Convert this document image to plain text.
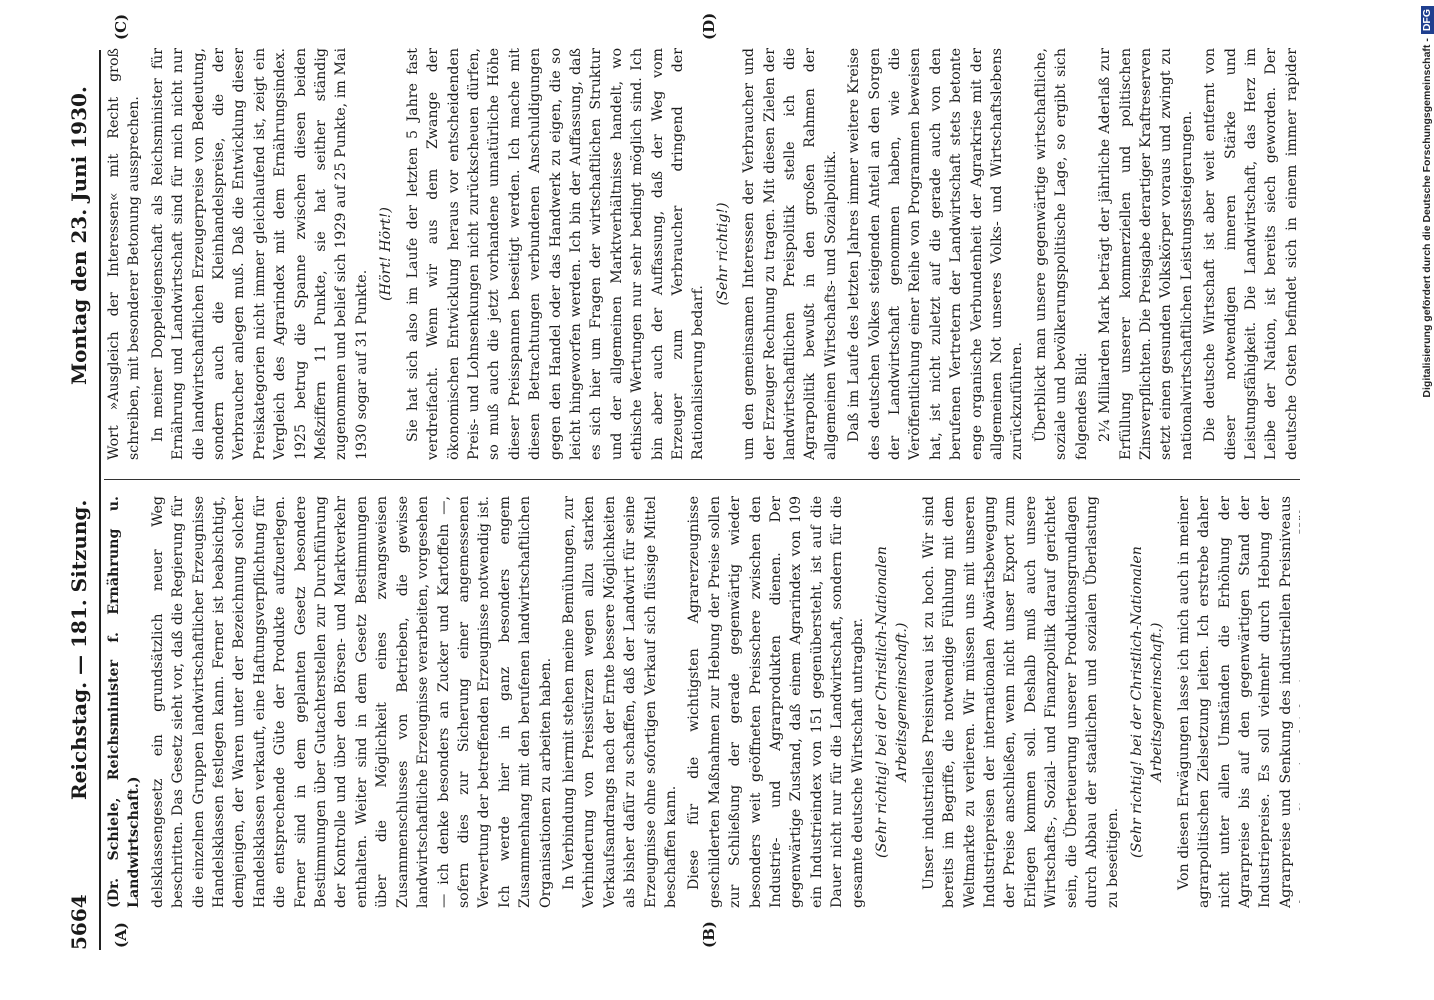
5664
Reichstag. — 181. Sitzung.
Montag den 23. Juni 1930.
(A)	(B)
(C)	(D)

(Dr. Schiele, Reichsminister f. Ernährung u. Landwirtschaft.) delsklassengesetz ein grundsätzlich neuer Weg beschritten. Das Gesetz sieht vor, daß die Regierung für die einzelnen Gruppen landwirtschaftlicher Erzeugnisse Handelsklassen festlegen kann. Ferner ist beabsichtigt, demjenigen, der Waren unter der Bezeichnung solcher Handelsklassen verkauft, eine Haftungsverpflichtung für die entsprechende Güte der Produkte aufzuerlegen. Ferner sind in dem geplanten Gesetz besondere Bestimmungen über Gutachterstellen zur Durchführung der Kontrolle und über den Börsen- und Marktverkehr enthalten. Weiter sind in dem Gesetz Bestimmungen über die Möglichkeit eines zwangsweisen Zusammenschlusses von Betrieben, die gewisse landwirtschaftliche Erzeugnisse verarbeiten, vorgesehen — ich denke besonders an Zucker und Kartoffeln —, sofern dies zur Sicherung einer angemessenen Verwertung der betreffenden Erzeugnisse notwendig ist. Ich werde hier in ganz besonders engem Zusammenhang mit den berufenen landwirtschaftlichen Organisationen zu arbeiten haben. In Verbindung hiermit stehen meine Bemühungen, zur Verhinderung von Preisstürzen wegen allzu starken Verkaufsandrangs nach der Ernte bessere Möglichkeiten als bisher dafür zu schaffen, daß der Landwirt für seine Erzeugnisse ohne sofortigen Verkauf sich flüssige Mittel beschaffen kann. Diese für die wichtigsten Agrarerzeugnisse geschilderten Maßnahmen zur Hebung der Preise sollen zur Schließung der gerade gegenwärtig wieder besonders weit geöffneten Preisschere zwischen den Industrie- und Agrarprodukten dienen. Der gegenwärtige Zustand, daß einem Agrarindex von 109 ein Industrieindex von 151 gegenübersteht, ist auf die Dauer nicht nur für die Landwirtschaft, sondern für die gesamte deutsche Wirtschaft untragbar. (Sehr richtig! bei der Christlich-Nationalen Arbeitsgemeinschaft.) Unser industrielles Preisniveau ist zu hoch. Wir sind bereits im Begriffe, die notwendige Fühlung mit dem Weltmarkte zu verlieren. Wir müssen uns mit unseren Industriepreisen der internationalen Abwärtsbewegung der Preise anschließen, wenn nicht unser Export zum Erliegen kommen soll. Deshalb muß auch unsere Wirtschafts-, Sozial- und Finanzpolitik darauf gerichtet sein, die Überteuerung unserer Produktionsgrundlagen durch Abbau der staatlichen und sozialen Überlastung zu beseitigen. (Sehr richtig! bei der Christlich-Nationalen Arbeitsgemeinschaft.)

Von diesen Erwägungen lasse ich mich auch in meiner agrarpolitischen Zielsetzung leiten. Ich erstrebe daher nicht unter allen Umständen die Erhöhung der Agrarpreise bis auf den gegenwärtigen Stand der Industriepreise. Es soll vielmehr durch Hebung der Agrarpreise und Senkung des industriellen Preisniveaus

Wort »Ausgleich der Interessen« mit Recht groß schreiben, mit besonderer Betonung aussprechen. In meiner Doppeleigenschaft als Reichsminister für Ernährung und Landwirtschaft sind für mich nicht nur die landwirtschaftlichen Erzeugerpreise von Bedeutung, sondern auch die Kleinhandelspreise, die der Verbraucher anlegen muß. Daß die Entwicklung dieser Preiskategorien nicht immer gleichlaufend ist, zeigt ein Vergleich des Agrarindex mit dem Ernährungsindex. 1925 betrug die Spanne zwischen diesen beiden Meßziffern 11 Punkte, sie hat seither ständig zugenommen und belief sich 1929 auf 25 Punkte, im Mai 1930 sogar auf 31 Punkte.

(Hört! Hört!) Sie hat sich also im Laufe der letzten 5 Jahre fast verdreifacht. Wenn wir aus dem Zwange der ökonomischen Entwicklung heraus vor entscheidenden Preis- und Lohnsenkungen nicht zurückscheuen dürfen, so muß auch die jetzt vorhandene unnatürliche Höhe dieser Preisspannen beseitigt werden. Ich mache mit diesen Betrachtungen verbundenen Anschuldigungen gegen den Handel oder das Handwerk zu eigen, die so leicht hingeworfen werden. Ich bin der Auffassung, daß es sich hier um Fragen der wirtschaftlichen Struktur und der allgemeinen Marktverhältnisse handelt, wo ethische Wertungen nur sehr bedingt möglich sind. Ich bin aber auch der Auffassung, daß der Weg vom Erzeuger zum Verbraucher dringend der Rationalisierung bedarf.

(Sehr richtig!) um den gemeinsamen Interessen der Verbraucher und der Erzeuger Rechnung zu tragen. Mit diesen Zielen der landwirtschaftlichen Preispolitik stelle ich die Agrarpolitik bewußt in den großen Rahmen der allgemeinen Wirtschafts- und Sozialpolitik. Daß im Laufe des letzten Jahres immer weitere Kreise des deutschen Volkes steigenden Anteil an den Sorgen der Landwirtschaft genommen haben, wie die Veröffentlichung einer Reihe von Programmen beweisen hat, ist nicht zuletzt auf die gerade auch von den berufenen Vertretern der Landwirtschaft stets betonte enge organische Verbundenheit der Agrarkrise mit der allgemeinen Not unseres Volks- und Wirtschaftslebens zurückzuführen. Überblickt man unsere gegenwärtige wirtschaftliche, soziale und bevölkerungspolitische Lage, so ergibt sich folgendes Bild: 2¼ Milliarden Mark beträgt der jährliche Aderlaß zur Erfüllung unserer kommerziellen und politischen Zinsverpflichten. Die Preisgabe derartiger Kraftreserven setzt einen gesunden Volkskörper voraus und zwingt zu nationalwirtschaftlichen Leistungssteigerungen. Die deutsche Wirtschaft ist aber weit entfernt von dieser notwendigen inneren Stärke und Leistungsfähigkeit. Die Landwirtschaft, das Herz im Leibe der Nation, ist bereits siech geworden. Der deutsche Osten befindet sich in einem immer rapider	Digitalisierung gefördert durch die Deutsche Forschungsgemeinschaft -DFG
